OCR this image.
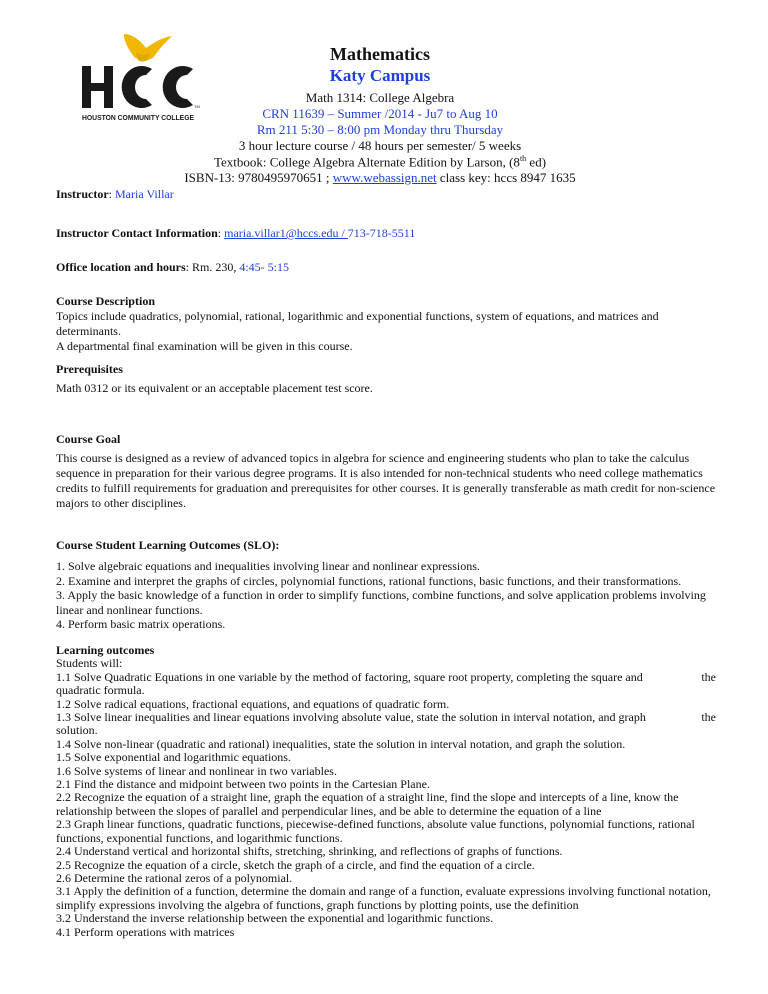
TM
HOUSTON COMMUNITY COLLEGE
Mathematics
Katy Campus
Math 1314: College Algebra
CRN 11639 – Summer /2014 - Ju7 to Aug 10
Rm 211 5:30 – 8:00 pm Monday thru Thursday
3 hour lecture course / 48 hours per semester/ 5 weeks
Textbook: College Algebra Alternate Edition by Larson, (8th ed)
ISBN-13: 9780495970651 ; www.webassign.net class key: hccs 8947 1635
Instructor: Maria Villar
Instructor Contact Information: maria.villar1@hccs.edu / 713-718-5511
Office location and hours: Rm. 230, 4:45- 5:15

Course Description

Topics include quadratics, polynomial, rational, logarithmic and exponential functions, system of equations, and matrices and

determinants.

A departmental final examination will be given in this course.

Prerequisites

Math 0312 or its equivalent or an acceptable placement test score.

Course Goal

This course is designed as a review of advanced topics in algebra for science and engineering students who plan to take the calculus

sequence in preparation for their various degree programs. It is also intended for non-technical students who need college mathematics

credits to fulfill requirements for graduation and prerequisites for other courses. It is generally transferable as math credit for non-science

majors to other disciplines.

Course Student Learning Outcomes (SLO):

1. Solve algebraic equations and inequalities involving linear and nonlinear expressions.

2. Examine and interpret the graphs of circles, polynomial functions, rational functions, basic functions, and their transformations.

3. Apply the basic knowledge of a function in order to simplify functions, combine functions, and solve application problems involving

linear and nonlinear functions.

4. Perform basic matrix operations.

Learning outcomes

Students will:

the
1.1 Solve Quadratic Equations in one variable by the method of factoring, square root property, completing the square and

quadratic formula.

1.2 Solve radical equations, fractional equations, and equations of quadratic form.

the
1.3 Solve linear inequalities and linear equations involving absolute value, state the solution in interval notation, and graph

solution.

1.4 Solve non-linear (quadratic and rational) inequalities, state the solution in interval notation, and graph the solution.

1.5 Solve exponential and logarithmic equations.

1.6 Solve systems of linear and nonlinear in two variables.

2.1 Find the distance and midpoint between two points in the Cartesian Plane.

2.2 Recognize the equation of a straight line, graph the equation of a straight line, find the slope and intercepts of a line, know the

relationship between the slopes of parallel and perpendicular lines, and be able to determine the equation of a line

2.3 Graph linear functions, quadratic functions, piecewise-defined functions, absolute value functions, polynomial functions, rational

functions, exponential functions, and logarithmic functions.

2.4 Understand vertical and horizontal shifts, stretching, shrinking, and reflections of graphs of functions.

2.5 Recognize the equation of a circle, sketch the graph of a circle, and find the equation of a circle.

2.6 Determine the rational zeros of a polynomial.

3.1 Apply the definition of a function, determine the domain and range of a function, evaluate expressions involving functional notation,

simplify expressions involving the algebra of functions, graph functions by plotting points, use the definition

3.2 Understand the inverse relationship between the exponential and logarithmic functions.

4.1 Perform operations with matrices
